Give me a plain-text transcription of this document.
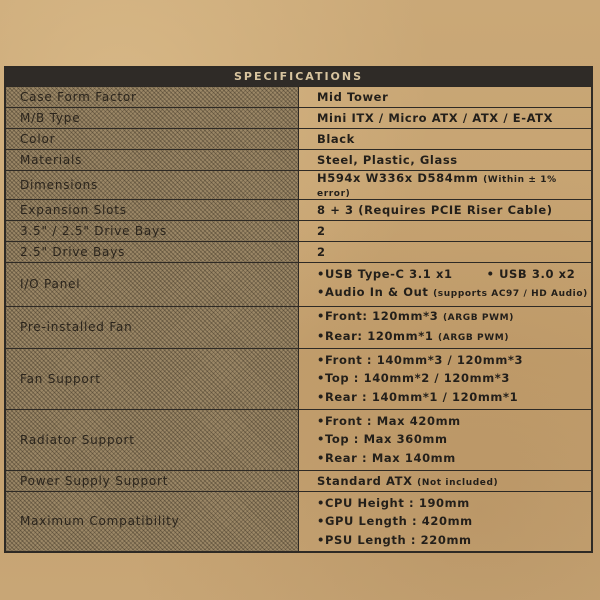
SPECIFICATIONS	
Case Form Factor	Mid Tower
M/B Type	Mini ITX / Micro ATX / ATX / E-ATX
Color	Black
Materials	Steel, Plastic, Glass
Dimensions	H594x W336x D584mm (Within ± 1% error)
Expansion Slots	8 + 3 (Requires PCIE Riser Cable)
3.5" / 2.5" Drive Bays	2
2.5" Drive Bays	2
I/O Panel	•USB Type-C 3.1 x1 • USB 3.0 x2
•Audio In & Out (supports AC97 / HD Audio)

Pre-installed Fan	•Front: 120mm*3 (ARGB PWM)
•Rear: 120mm*1 (ARGB PWM)

Fan Support	•Front : 140mm*3 / 120mm*3
•Top : 140mm*2 / 120mm*3
•Rear : 140mm*1 / 120mm*1

Radiator Support	•Front : Max 420mm
•Top : Max 360mm
•Rear : Max 140mm

Power Supply Support	Standard ATX (Not included)
Maximum Compatibility	•CPU Height : 190mm
•GPU Length : 420mm
•PSU Length : 220mm
